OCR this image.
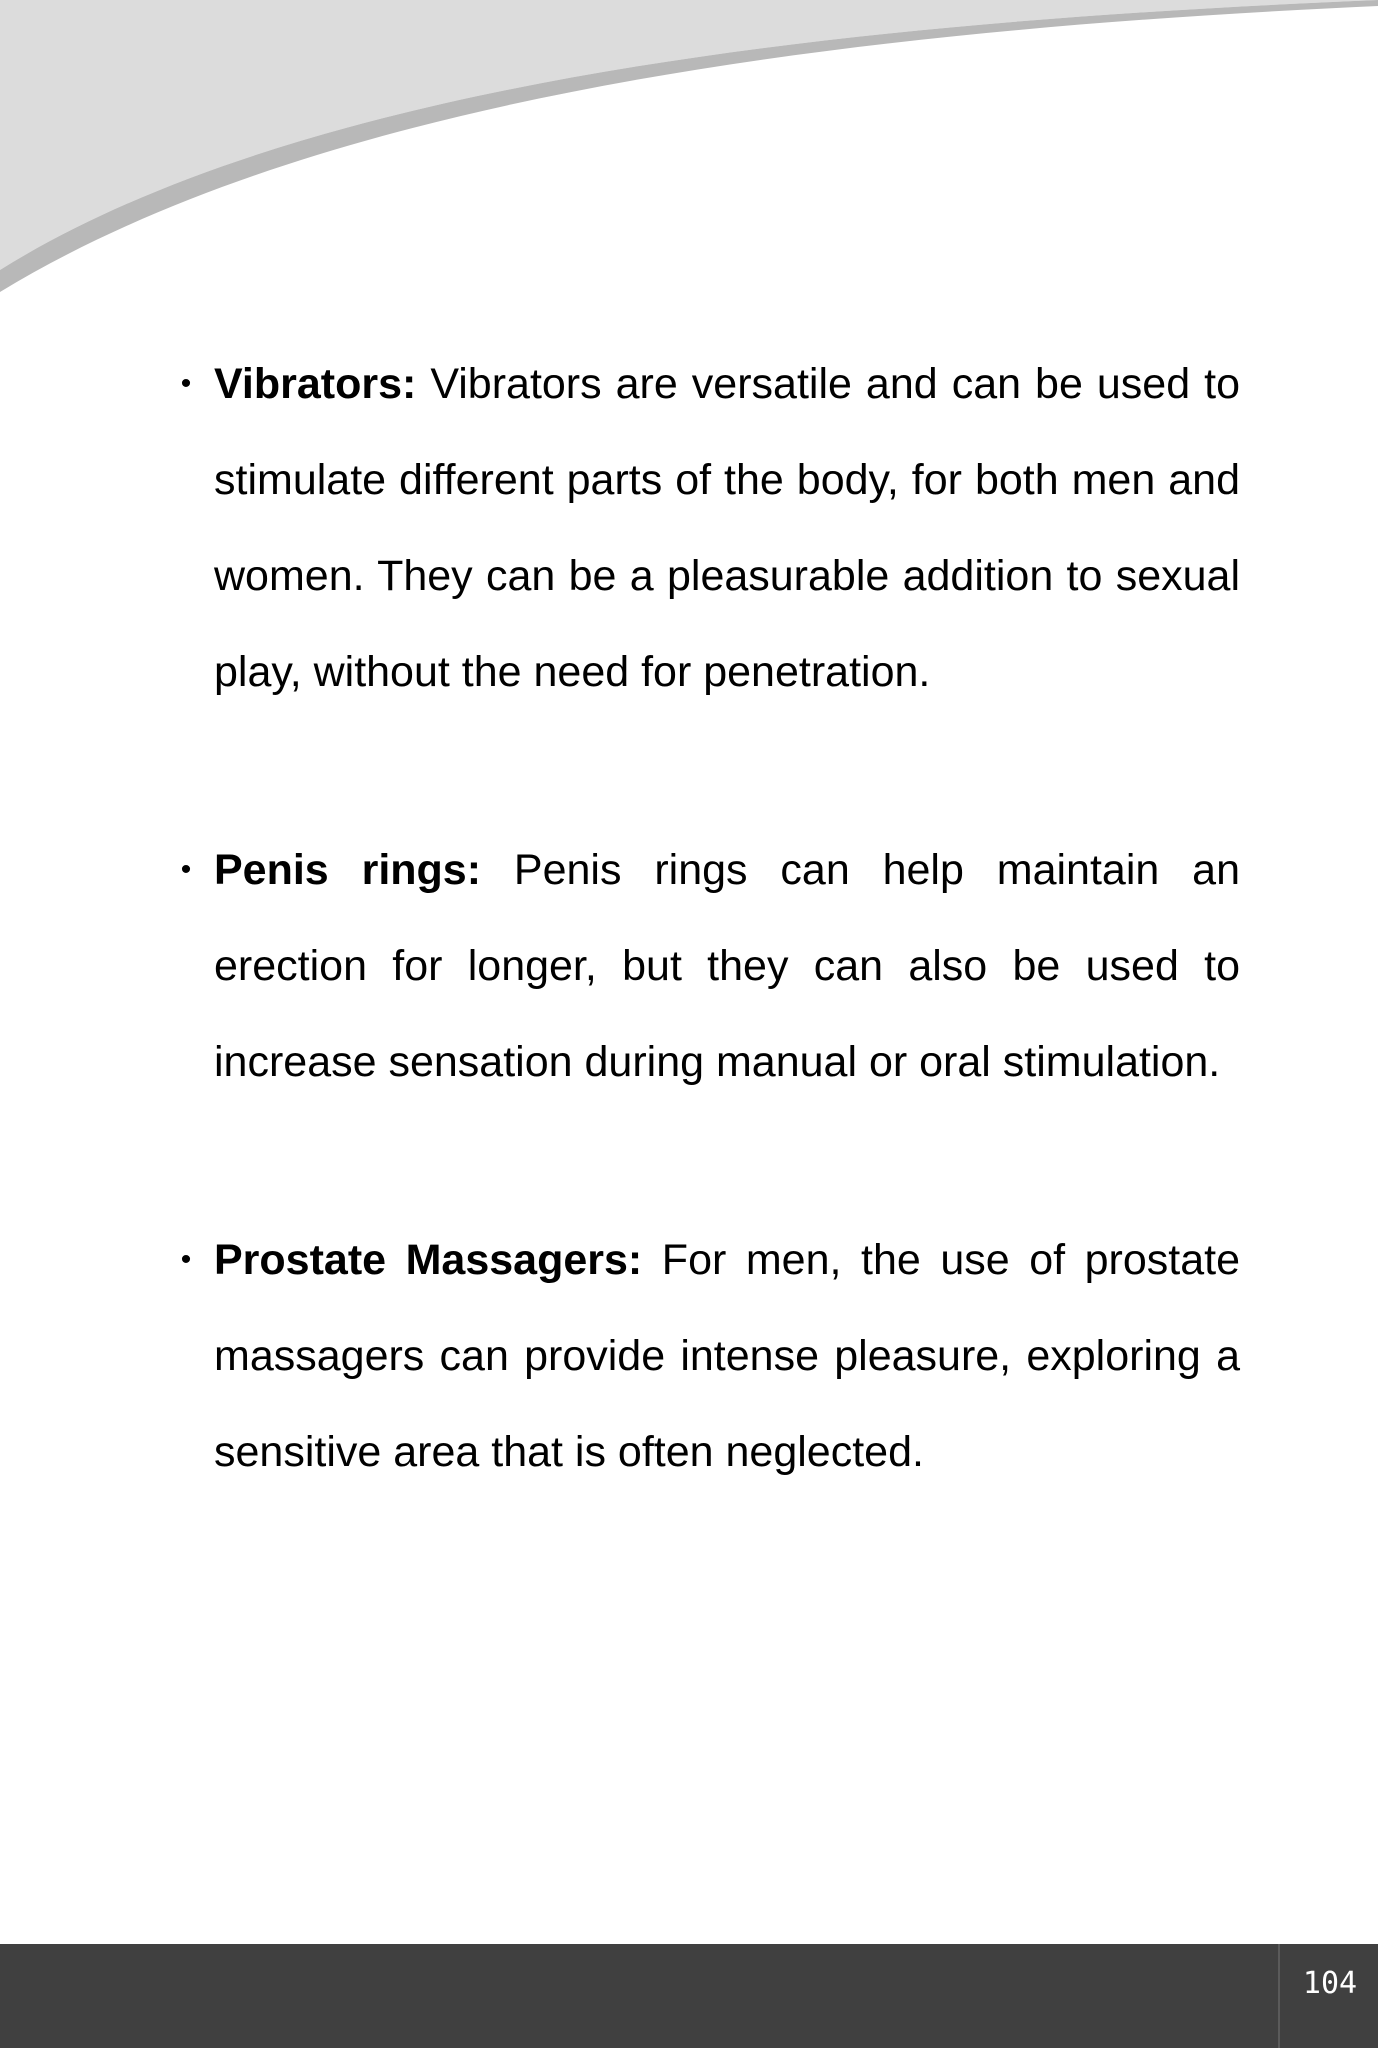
• Vibrators: Vibrators are versatile and can be used to stimulate different parts of the body, for both men and women. They can be a pleasurable addition to sexual play, without the need for penetration.
• Penis rings: Penis rings can help maintain an erection for longer, but they can also be used to increase sensation during manual or oral stimulation.
• Prostate Massagers: For men, the use of prostate massagers can provide intense pleasure, exploring a sensitive area that is often neglected.
104
